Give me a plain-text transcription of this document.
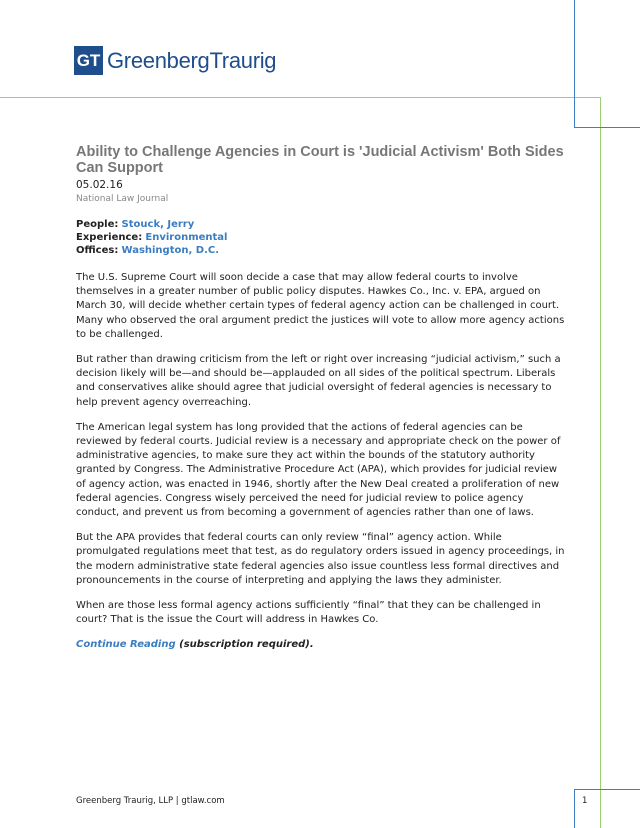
GT GreenbergTraurig
Ability to Challenge Agencies in Court is 'Judicial Activism' Both Sides Can Support
05.02.16
National Law Journal
People: Stouck, Jerry
Experience: Environmental
Offices: Washington, D.C.

The U.S. Supreme Court will soon decide a case that may allow federal courts to involve themselves in a greater number of public policy disputes. Hawkes Co., Inc. v. EPA, argued on March 30, will decide whether certain types of federal agency action can be challenged in court. Many who observed the oral argument predict the justices will vote to allow more agency actions to be challenged.

But rather than drawing criticism from the left or right over increasing “judicial activism,” such a decision likely will be—and should be—applauded on all sides of the political spectrum. Liberals and conservatives alike should agree that judicial oversight of federal agencies is necessary to help prevent agency overreaching.

The American legal system has long provided that the actions of federal agencies can be reviewed by federal courts. Judicial review is a necessary and appropriate check on the power of administrative agencies, to make sure they act within the bounds of the statutory authority granted by Congress. The Administrative Procedure Act (APA), which provides for judicial review of agency action, was enacted in 1946, shortly after the New Deal created a proliferation of new federal agencies. Congress wisely perceived the need for judicial review to police agency conduct, and prevent us from becoming a government of agencies rather than one of laws.

But the APA provides that federal courts can only review “final” agency action. While promulgated regulations meet that test, as do regulatory orders issued in agency proceedings, in the modern administrative state federal agencies also issue countless less formal directives and pronouncements in the course of interpreting and applying the laws they administer.

When are those less formal agency actions sufficiently “final” that they can be challenged in court? That is the issue the Court will address in Hawkes Co.

Continue Reading (subscription required).
Greenberg Traurig, LLP | gtlaw.com	1
